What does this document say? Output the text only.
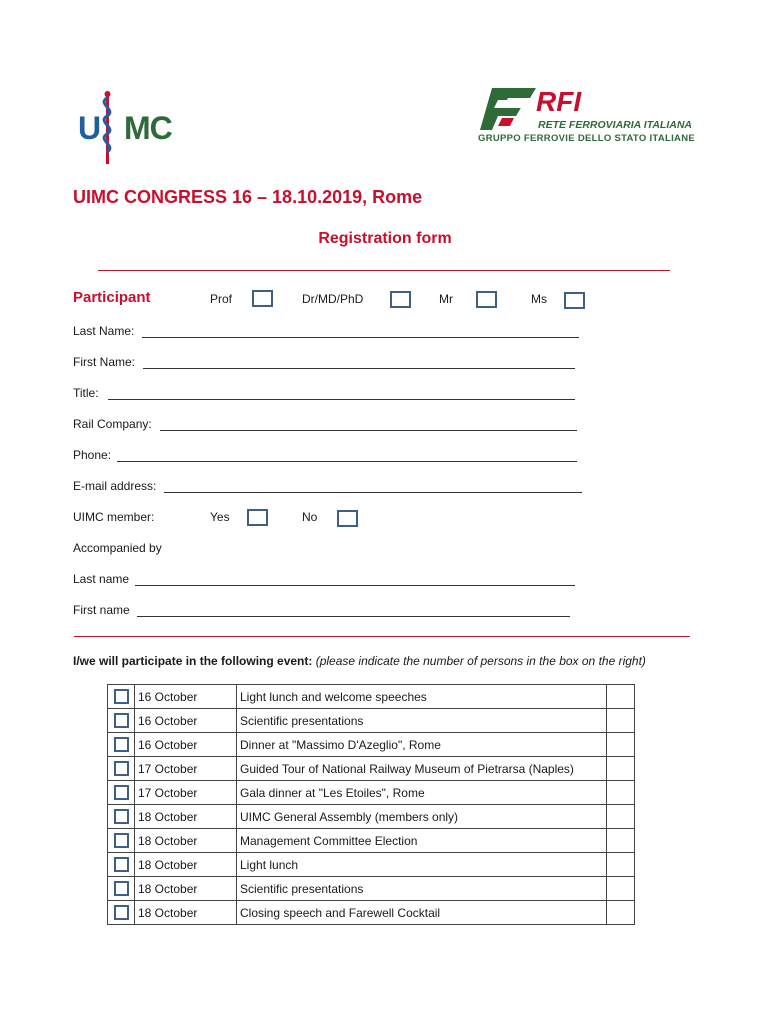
U MC
RFI
RETE FERROVIARIA ITALIANA
GRUPPO FERROVIE DELLO STATO ITALIANE
UIMC CONGRESS 16 – 18.10.2019, Rome
Registration form
Participant	Prof	Dr/MD/PhD	Mr	Ms
Last Name:
First Name:
Title:
Rail Company:
Phone:
E-mail address:
UIMC member:	Yes	No
Accompanied by
Last name
First name
I/we will participate in the following event: (please indicate the number of persons in the box on the right)
	16 October	Light lunch and welcome speeches	
	16 October	Scientific presentations	
	16 October	Dinner at "Massimo D'Azeglio", Rome	
	17 October	Guided Tour of National Railway Museum of Pietrarsa (Naples)	
	17 October	Gala dinner at "Les Etoiles", Rome	
	18 October	UIMC General Assembly (members only)	
	18 October	Management Committee Election	
	18 October	Light lunch	
	18 October	Scientific presentations	
	18 October	Closing speech and Farewell Cocktail	
